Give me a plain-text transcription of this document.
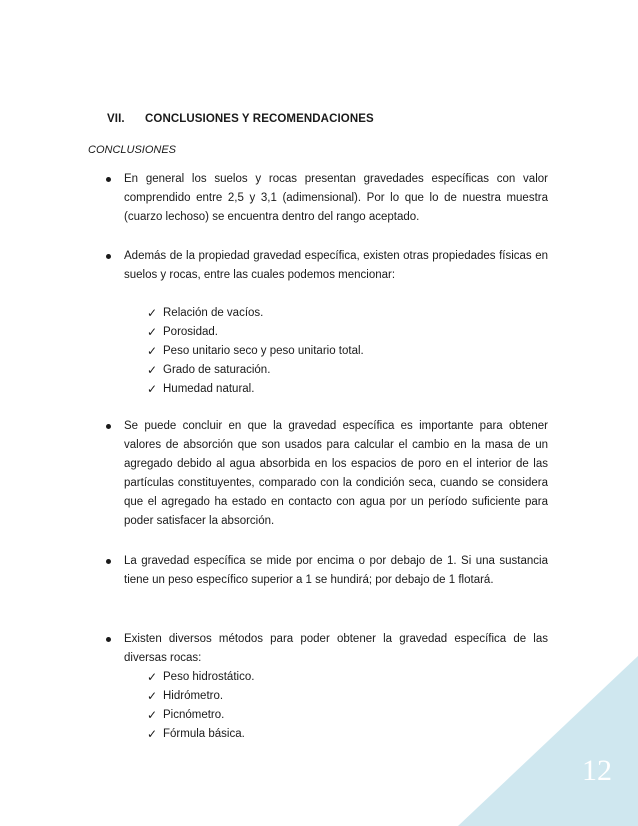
VII. CONCLUSIONES Y RECOMENDACIONES
CONCLUSIONES
En general los suelos y rocas presentan gravedades específicas con valor comprendido entre 2,5 y 3,1 (adimensional). Por lo que lo de nuestra muestra (cuarzo lechoso) se encuentra dentro del rango aceptado.
Además de la propiedad gravedad específica, existen otras propiedades físicas en suelos y rocas, entre las cuales podemos mencionar:
✓ Relación de vacíos.
✓ Porosidad.
✓ Peso unitario seco y peso unitario total.
✓ Grado de saturación.
✓ Humedad natural.
Se puede concluir en que la gravedad específica es importante para obtener valores de absorción que son usados para calcular el cambio en la masa de un agregado debido al agua absorbida en los espacios de poro en el interior de las partículas constituyentes, comparado con la condición seca, cuando se considera que el agregado ha estado en contacto con agua por un período suficiente para poder satisfacer la absorción.
La gravedad específica se mide por encima o por debajo de 1. Si una sustancia tiene un peso específico superior a 1 se hundirá; por debajo de 1 flotará.
Existen diversos métodos para poder obtener la gravedad específica de las diversas rocas:
✓ Peso hidrostático.
✓ Hidrómetro.
✓ Picnómetro.
✓ Fórmula básica.
12
